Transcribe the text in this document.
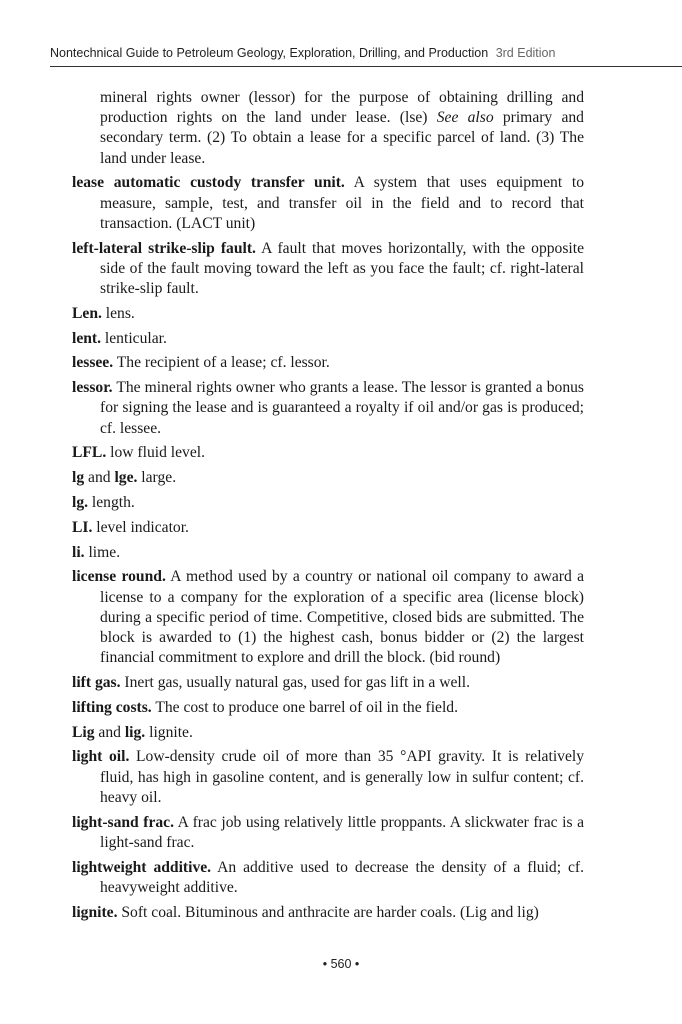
Nontechnical Guide to Petroleum Geology, Exploration, Drilling, and Production 3rd Edition

mineral rights owner (lessor) for the purpose of obtaining drilling and production rights on the land under lease. (lse) See also primary and secondary term. (2) To obtain a lease for a specific parcel of land. (3) The land under lease.

lease automatic custody transfer unit. A system that uses equipment to measure, sample, test, and transfer oil in the field and to record that transaction. (LACT unit)

left-lateral strike-slip fault. A fault that moves horizontally, with the opposite side of the fault moving toward the left as you face the fault; cf. right-lateral strike-slip fault.

Len. lens.

lent. lenticular.

lessee. The recipient of a lease; cf. lessor.

lessor. The mineral rights owner who grants a lease. The lessor is granted a bonus for signing the lease and is guaranteed a royalty if oil and/or gas is produced; cf. lessee.

LFL. low fluid level.

lg and lge. large.

lg. length.

LI. level indicator.

li. lime.

license round. A method used by a country or national oil company to award a license to a company for the exploration of a specific area (license block) during a specific period of time. Competitive, closed bids are submitted. The block is awarded to (1) the highest cash, bonus bidder or (2) the largest financial commitment to explore and drill the block. (bid round)

lift gas. Inert gas, usually natural gas, used for gas lift in a well.

lifting costs. The cost to produce one barrel of oil in the field.

Lig and lig. lignite.

light oil. Low-density crude oil of more than 35 °API gravity. It is relatively fluid, has high in gasoline content, and is generally low in sulfur content; cf. heavy oil.

light-sand frac. A frac job using relatively little proppants. A slickwater frac is a light-sand frac.

lightweight additive. An additive used to decrease the density of a fluid; cf. heavyweight additive.

lignite. Soft coal. Bituminous and anthracite are harder coals. (Lig and lig)

• 560 •
